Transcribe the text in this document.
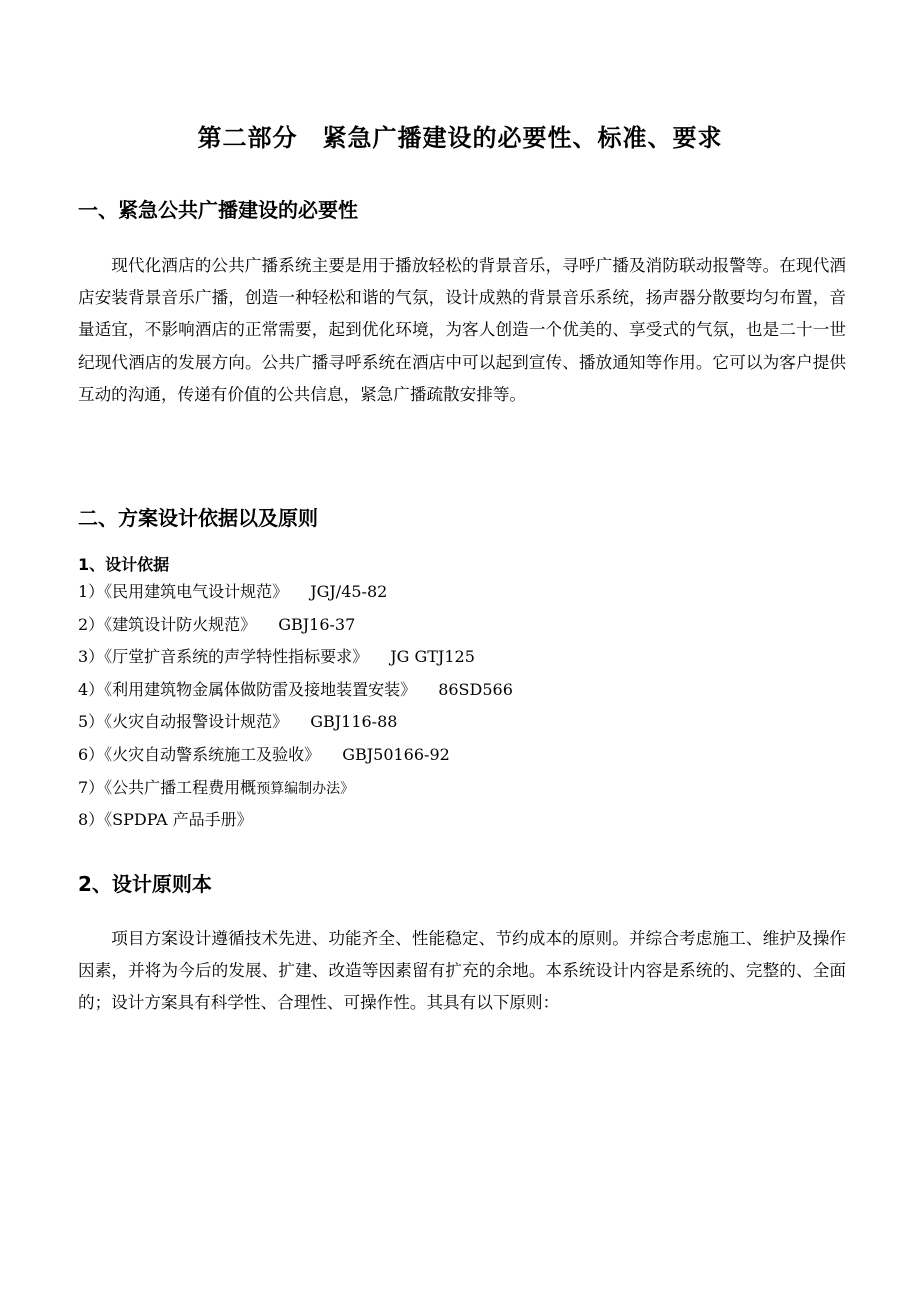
第二部分　紧急广播建设的必要性、标准、要求
一、紧急公共广播建设的必要性

现代化酒店的公共广播系统主要是用于播放轻松的背景音乐，寻呼广播及消防联动报警等。在现代酒店安装背景音乐广播，创造一种轻松和谐的气氛，设计成熟的背景音乐系统，扬声器分散要均匀布置，音量适宜，不影响酒店的正常需要，起到优化环境，为客人创造一个优美的、享受式的气氛，也是二十一世纪现代酒店的发展方向。公共广播寻呼系统在酒店中可以起到宣传、播放通知等作用。它可以为客户提供互动的沟通，传递有价值的公共信息，紧急广播疏散安排等。

二、方案设计依据以及原则
1、设计依据
1）《民用建筑电气设计规范》 JGJ/45-82
2）《建筑设计防火规范》 GBJ16-37
3）《厅堂扩音系统的声学特性指标要求》 JG GTJ125
4）《利用建筑物金属体做防雷及接地装置安装》 86SD566
5）《火灾自动报警设计规范》 GBJ116-88
6）《火灾自动警系统施工及验收》 GBJ50166-92
7）《公共广播工程费用概预算编制办法》
8）《SPDPA 产品手册》
2、设计原则本

项目方案设计遵循技术先进、功能齐全、性能稳定、节约成本的原则。并综合考虑施工、维护及操作因素，并将为今后的发展、扩建、改造等因素留有扩充的余地。本系统设计内容是系统的、完整的、全面的；设计方案具有科学性、合理性、可操作性。其具有以下原则：
